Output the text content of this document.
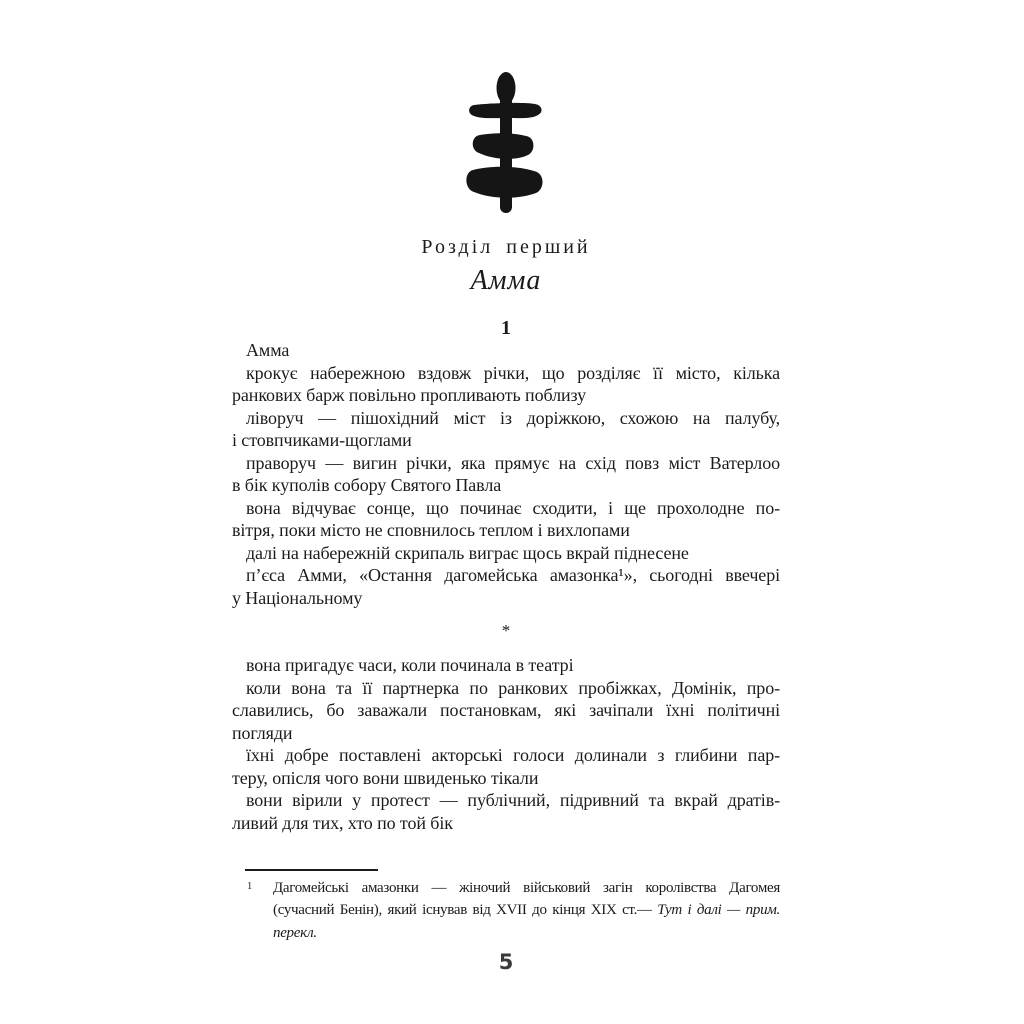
Розділ перший
Амма
1
Амма
крокує набережною вздовж річки, що розділяє її місто, кілька
ранкових барж повільно пропливають поблизу
ліворуч — пішохідний міст із доріжкою, схожою на палубу,
і стовпчиками-щоглами
праворуч — вигин річки, яка прямує на схід повз міст Ватерлоо
в бік куполів собору Святого Павла
вона відчуває сонце, що починає сходити, і ще прохолодне по-
вітря, поки місто не сповнилось теплом і вихлопами
далі на набережній скрипаль виграє щось вкрай піднесене
п’єса Амми, «Остання дагомейська амазонка¹», сьогодні ввечері
у Національному
*
вона пригадує часи, коли починала в театрі
коли вона та її партнерка по ранкових пробіжках, Домінік, про-
славились, бо заважали постановкам, які зачіпали їхні політичні
погляди
їхні добре поставлені акторські голоси долинали з глибини пар-
теру, опісля чого вони швиденько тікали
вони вірили у протест — публічний, підривний та вкрай дратів-
ливий для тих, хто по той бік
1 Дагомейські амазонки — жіночий військовий загін королівства Дагомея
(сучасний Бенін), який існував від XVII до кінця XIX ст.— Тут і далі — прим.
перекл.
5
